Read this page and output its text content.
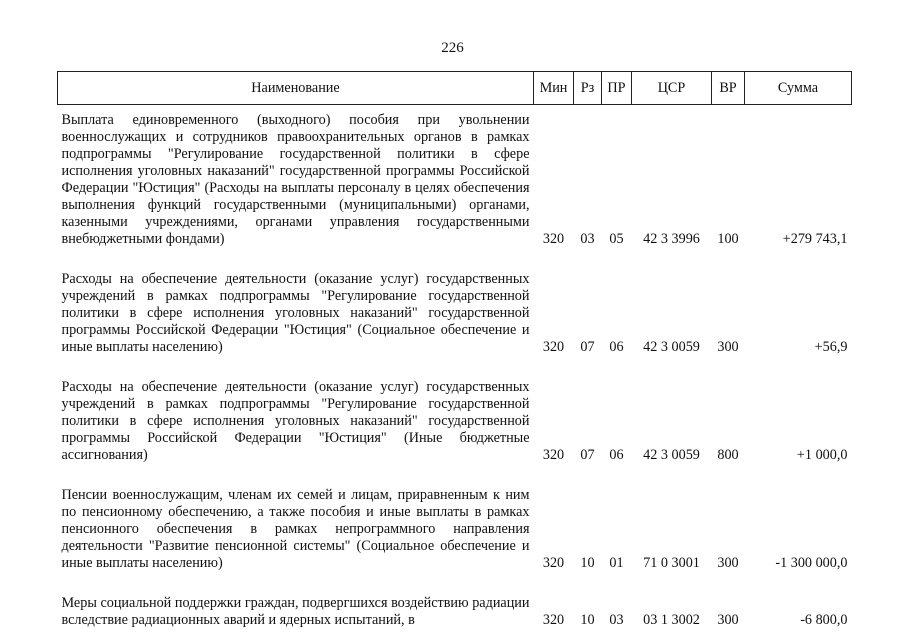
226
Наименование	Мин	Рз	ПР	ЦСР	ВР	Сумма
Выплата единовременного (выходного) пособия при увольнении военнослужащих и сотрудников правоохранительных органов в рамках подпрограммы "Регулирование государственной политики в сфере исполнения уголовных наказаний" государственной программы Российской Федерации "Юстиция" (Расходы на выплаты персоналу в целях обеспечения выполнения функций государственными (муниципальными) органами, казенными учреждениями, органами управления государственными внебюджетными фондами)	320	03	05	42 3 3996	100	+279 743,1
Расходы на обеспечение деятельности (оказание услуг) государственных учреждений в рамках подпрограммы "Регулирование государственной политики в сфере исполнения уголовных наказаний" государственной программы Российской Федерации "Юстиция" (Социальное обеспечение и иные выплаты населению)	320	07	06	42 3 0059	300	+56,9
Расходы на обеспечение деятельности (оказание услуг) государственных учреждений в рамках подпрограммы "Регулирование государственной политики в сфере исполнения уголовных наказаний" государственной программы Российской Федерации "Юстиция" (Иные бюджетные ассигнования)	320	07	06	42 3 0059	800	+1 000,0
Пенсии военнослужащим, членам их семей и лицам, приравненным к ним по пенсионному обеспечению, а также пособия и иные выплаты в рамках пенсионного обеспечения в рамках непрограммного направления деятельности "Развитие пенсионной системы" (Социальное обеспечение и иные выплаты населению)	320	10	01	71 0 3001	300	-1 300 000,0
Меры социальной поддержки граждан, подвергшихся воздействию радиации вследствие радиационных аварий и ядерных испытаний, в	320	10	03	03 1 3002	300	-6 800,0
